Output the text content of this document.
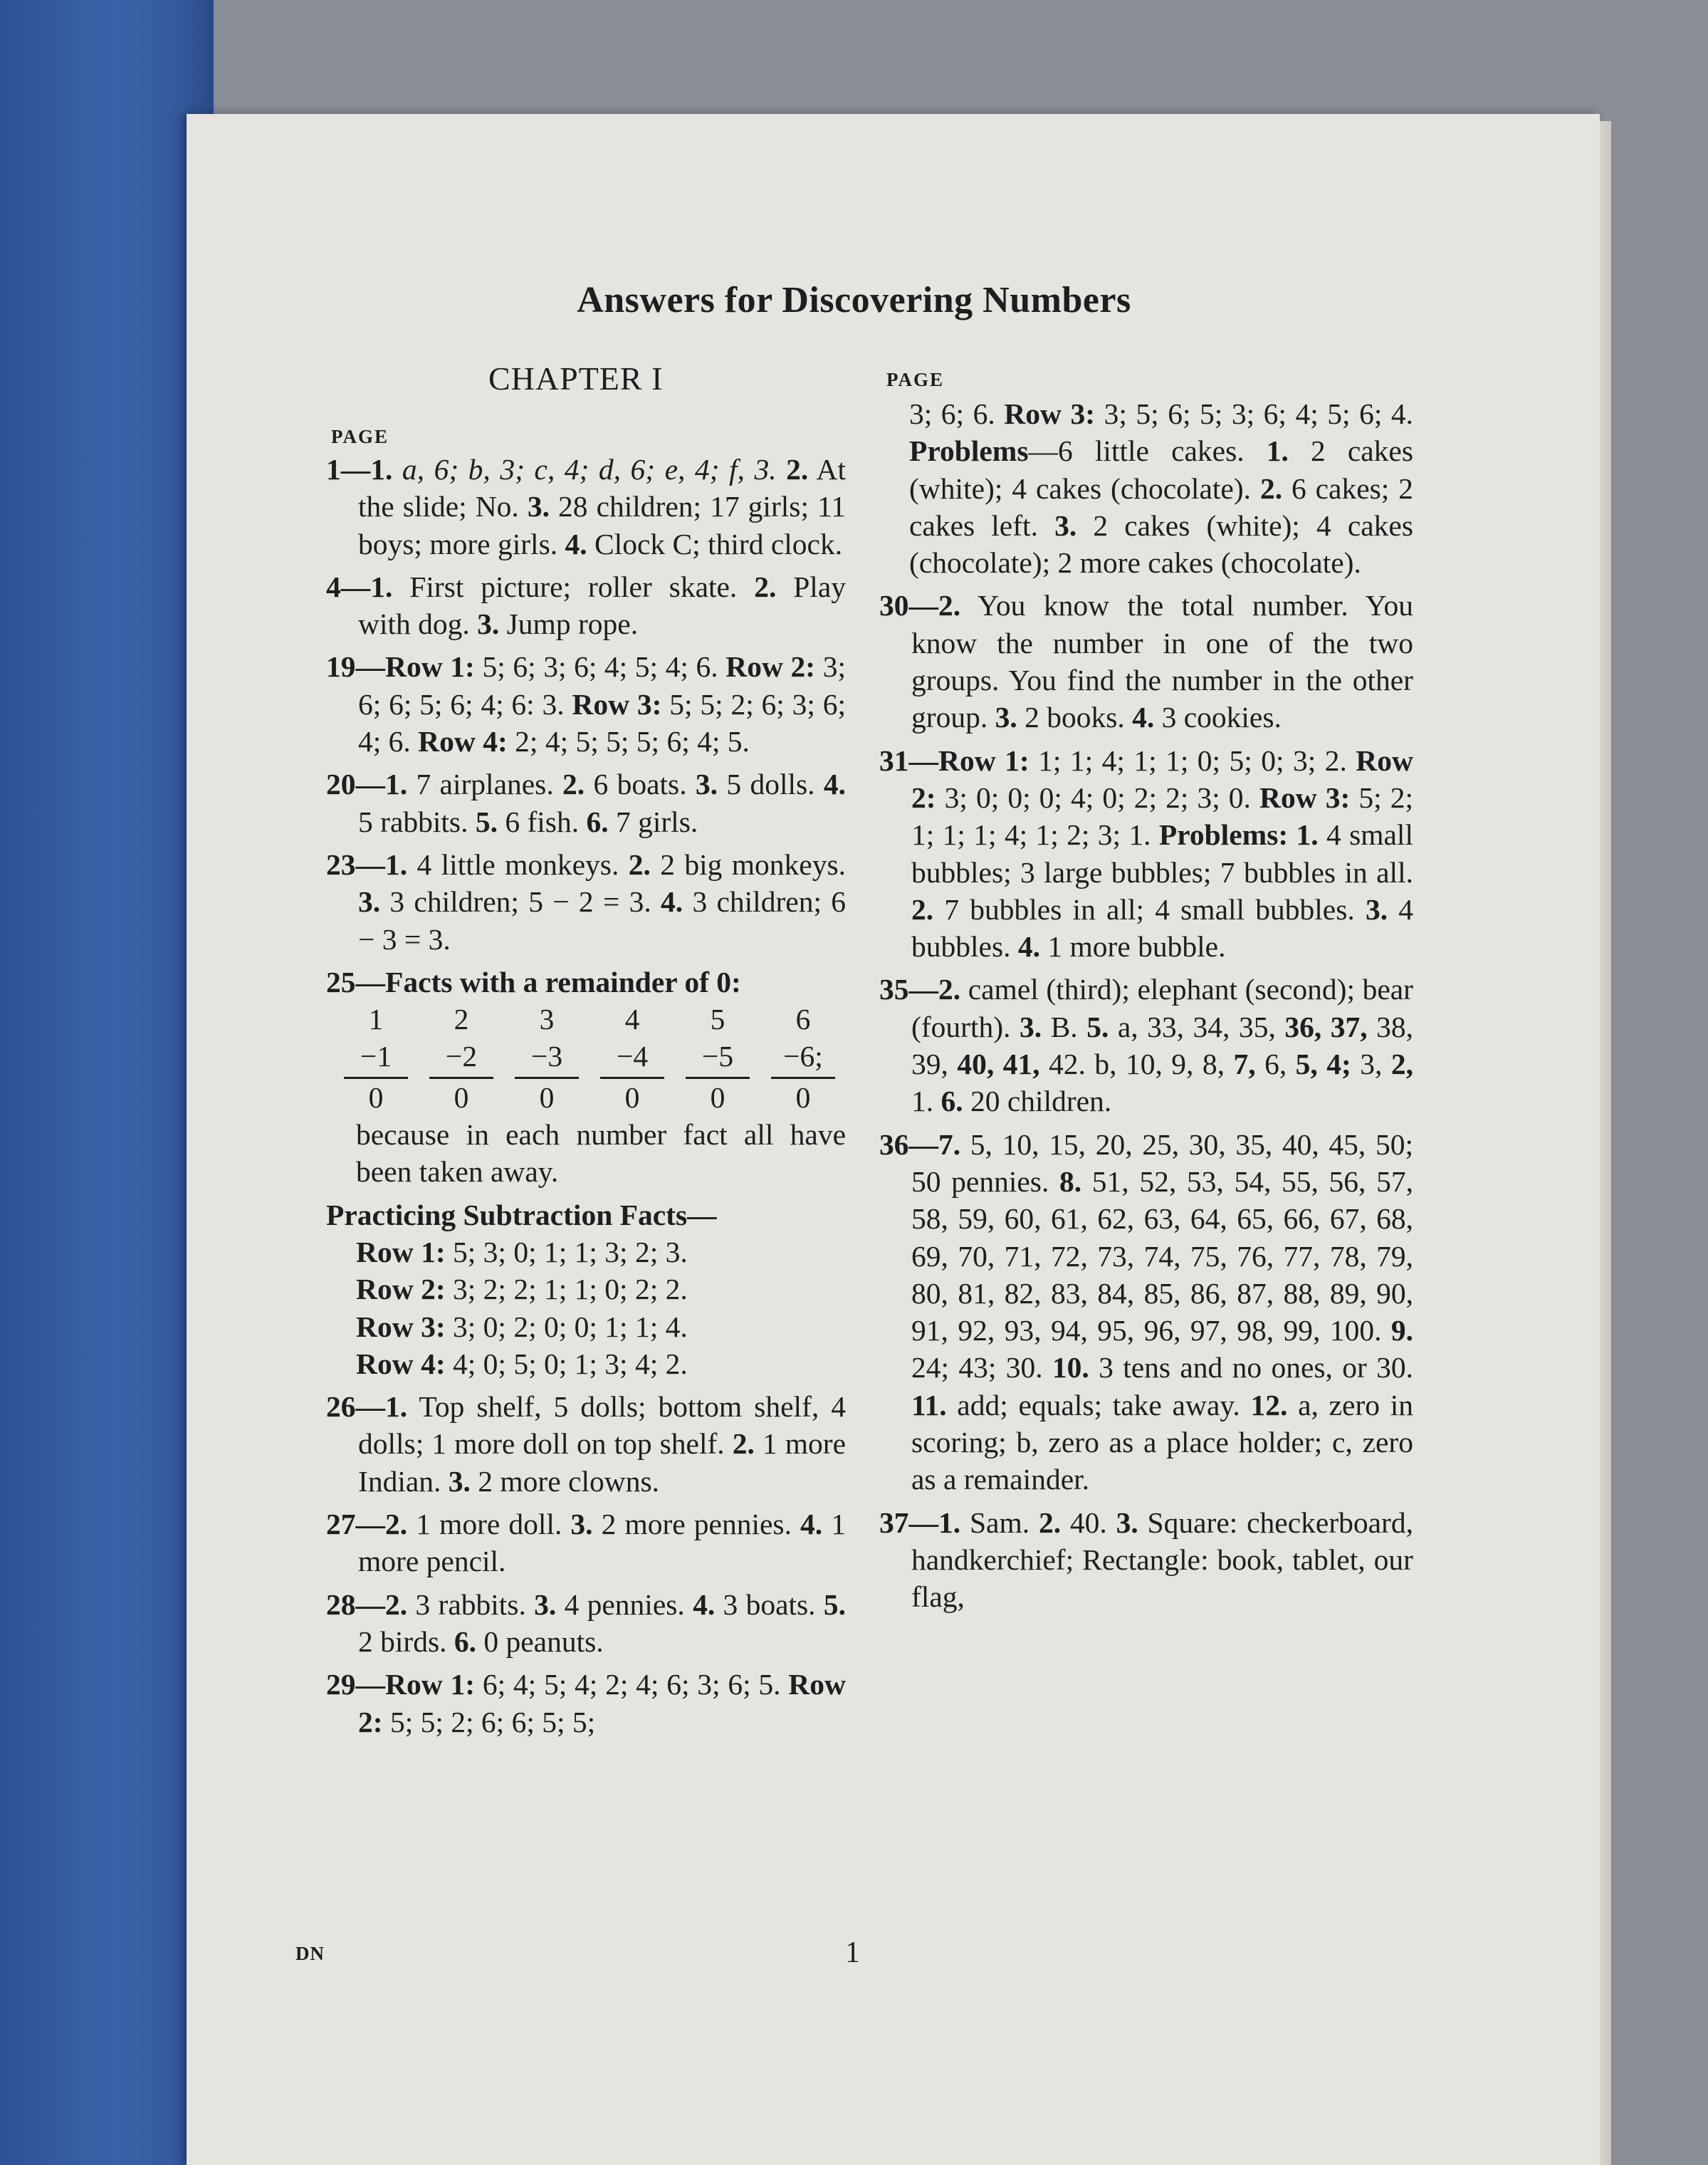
Answers for Discovering Numbers
CHAPTER I
PAGE
PAGE

1—1. a, 6; b, 3; c, 4; d, 6; e, 4; f, 3. 2. At the slide; No. 3. 28 children; 17 girls; 11 boys; more girls. 4. Clock C; third clock.

4—1. First picture; roller skate. 2. Play with dog. 3. Jump rope.

19—Row 1: 5; 6; 3; 6; 4; 5; 4; 6. Row 2: 3; 6; 6; 5; 6; 4; 6: 3. Row 3: 5; 5; 2; 6; 3; 6; 4; 6. Row 4: 2; 4; 5; 5; 5; 6; 4; 5.

20—1. 7 airplanes. 2. 6 boats. 3. 5 dolls. 4. 5 rabbits. 5. 6 fish. 6. 7 girls.

23—1. 4 little monkeys. 2. 2 big monkeys. 3. 3 children; 5 − 2 = 3. 4. 3 children; 6 − 3 = 3.

25—Facts with a remainder of 0:

1
−1
0
2
−2
0
3
−3
0
4
−4
0
5
−5
0
6
−6;
0

because in each number fact all have been taken away.

Practicing Subtraction Facts—

Row 1: 5; 3; 0; 1; 1; 3; 2; 3.

Row 2: 3; 2; 2; 1; 1; 0; 2; 2.

Row 3: 3; 0; 2; 0; 0; 1; 1; 4.

Row 4: 4; 0; 5; 0; 1; 3; 4; 2.

26—1. Top shelf, 5 dolls; bottom shelf, 4 dolls; 1 more doll on top shelf. 2. 1 more Indian. 3. 2 more clowns.

27—2. 1 more doll. 3. 2 more pennies. 4. 1 more pencil.

28—2. 3 rabbits. 3. 4 pennies. 4. 3 boats. 5. 2 birds. 6. 0 peanuts.

29—Row 1: 6; 4; 5; 4; 2; 4; 6; 3; 6; 5. Row 2: 5; 5; 2; 6; 6; 5; 5;

3; 6; 6. Row 3: 3; 5; 6; 5; 3; 6; 4; 5; 6; 4. Problems—6 little cakes. 1. 2 cakes (white); 4 cakes (chocolate). 2. 6 cakes; 2 cakes left. 3. 2 cakes (white); 4 cakes (chocolate); 2 more cakes (chocolate).

30—2. You know the total number. You know the number in one of the two groups. You find the number in the other group. 3. 2 books. 4. 3 cookies.

31—Row 1: 1; 1; 4; 1; 1; 0; 5; 0; 3; 2. Row 2: 3; 0; 0; 0; 4; 0; 2; 2; 3; 0. Row 3: 5; 2; 1; 1; 1; 4; 1; 2; 3; 1. Problems: 1. 4 small bubbles; 3 large bubbles; 7 bubbles in all. 2. 7 bubbles in all; 4 small bubbles. 3. 4 bubbles. 4. 1 more bubble.

35—2. camel (third); elephant (second); bear (fourth). 3. B. 5. a, 33, 34, 35, 36, 37, 38, 39, 40, 41, 42. b, 10, 9, 8, 7, 6, 5, 4; 3, 2, 1. 6. 20 children.

36—7. 5, 10, 15, 20, 25, 30, 35, 40, 45, 50; 50 pennies. 8. 51, 52, 53, 54, 55, 56, 57, 58, 59, 60, 61, 62, 63, 64, 65, 66, 67, 68, 69, 70, 71, 72, 73, 74, 75, 76, 77, 78, 79, 80, 81, 82, 83, 84, 85, 86, 87, 88, 89, 90, 91, 92, 93, 94, 95, 96, 97, 98, 99, 100. 9. 24; 43; 30. 10. 3 tens and no ones, or 30. 11. add; equals; take away. 12. a, zero in scoring; b, zero as a place holder; c, zero as a remainder.

37—1. Sam. 2. 40. 3. Square: checkerboard, handkerchief; Rectangle: book, tablet, our flag,

DN	1
